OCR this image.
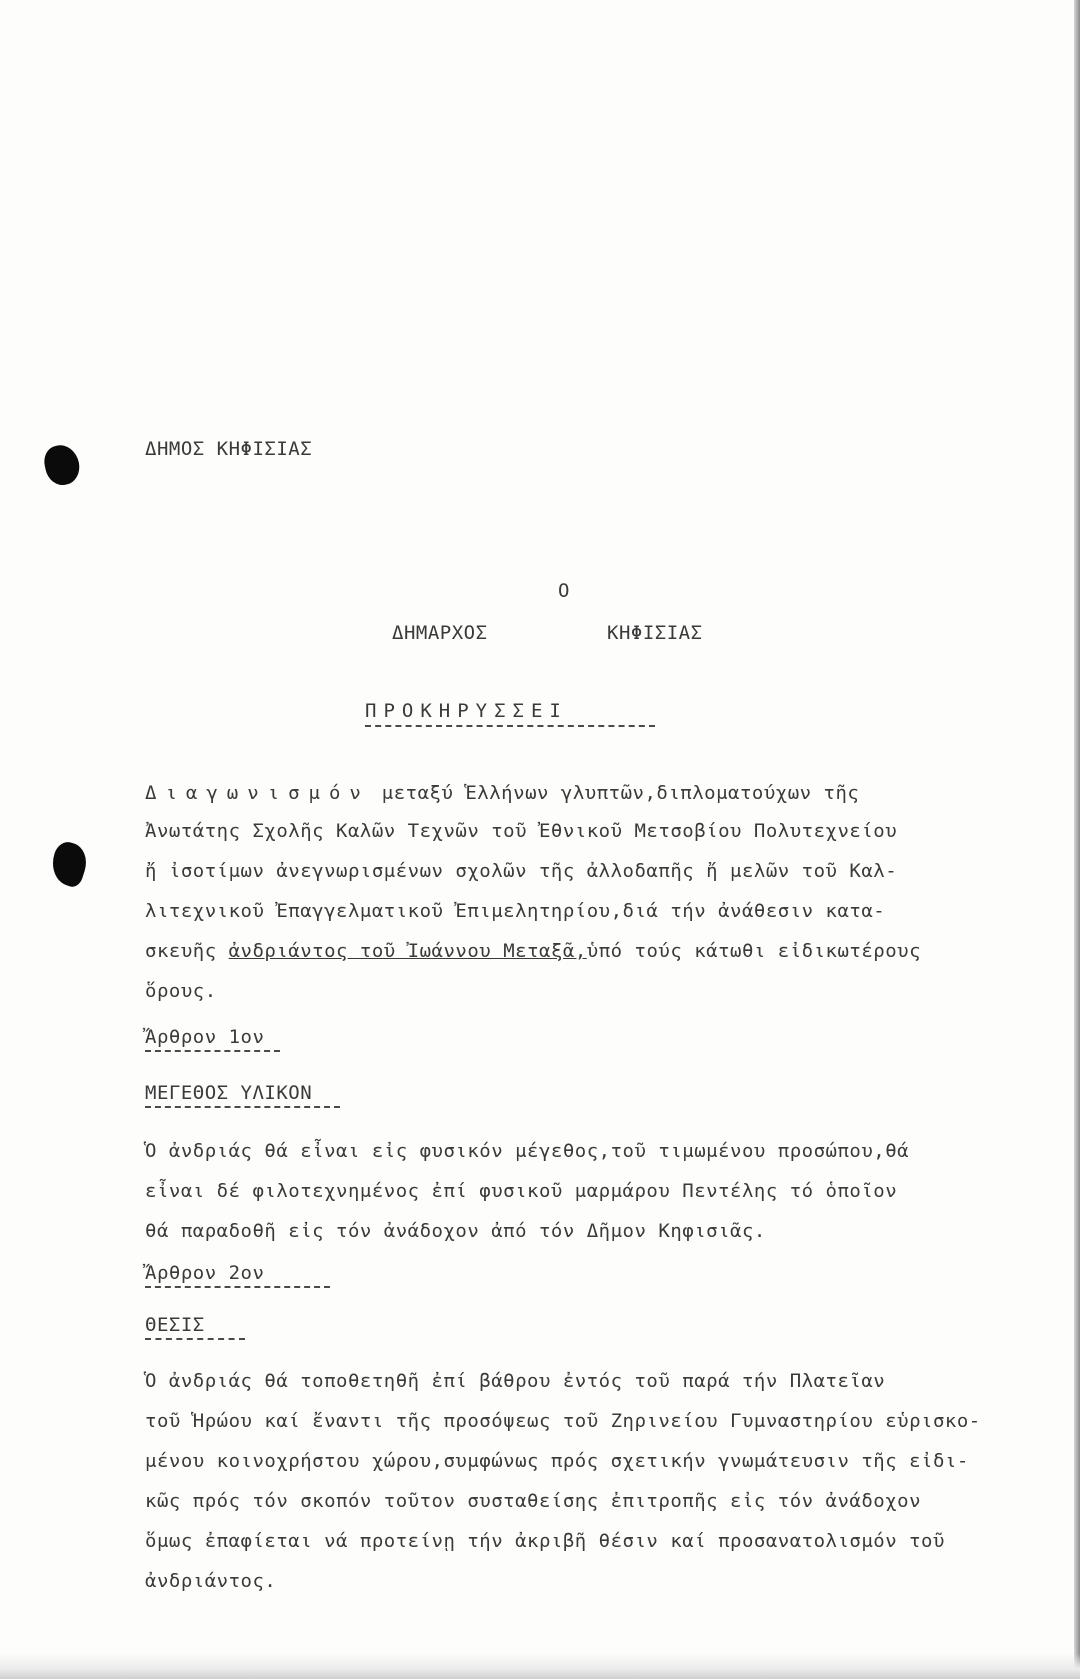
ΔΗΜΟΣ ΚΗΦΙΣΙΑΣ
Ο
ΔΗΜΑΡΧΟΣ	ΚΗΦΙΣΙΑΣ
ΠΡΟΚΗΡΥΣΣΕΙ
Διαγωνισμόν μεταξύ Ἑλλήνων γλυπτῶν,διπλοματούχων τῆς
Ἀνωτάτης Σχολῆς Καλῶν Τεχνῶν τοῦ Ἐθνικοῦ Μετσοβίου Πολυτεχνείου
ἤ ἰσοτίμων ἀνεγνωρισμένων σχολῶν τῆς ἀλλοδαπῆς ἤ μελῶν τοῦ Καλ-
λιτεχνικοῦ Ἐπαγγελματικοῦ Ἐπιμελητηρίου,διά τήν ἀνάθεσιν κατα-
σκευῆς ἀνδριάντος τοῦ Ἰωάννου Μεταξᾶ,ὑπό τούς κάτωθι εἰδικωτέρους
ὅρους.
Ἄρθρον 1ον
ΜΕΓΕΘΟΣ ΥΛΙΚΟΝ
Ὁ ἀνδριάς θά εἶναι εἰς φυσικόν μέγεθος,τοῦ τιμωμένου προσώπου,θά
εἶναι δέ φιλοτεχνημένος ἐπί φυσικοῦ μαρμάρου Πεντέλης τό ὁποῖον
θά παραδοθῆ εἰς τόν ἀνάδοχον ἀπό τόν Δῆμον Κηφισιᾶς.
Ἄρθρον 2ον
ΘΕΣΙΣ
Ὁ ἀνδριάς θά τοποθετηθῆ ἐπί βάθρου ἐντός τοῦ παρά τήν Πλατεῖαν
τοῦ Ἡρώου καί ἔναντι τῆς προσόψεως τοῦ Ζηρινείου Γυμναστηρίου εὑρισκο-
μένου κοινοχρήστου χώρου,συμφώνως πρός σχετικήν γνωμάτευσιν τῆς εἰδι-
κῶς πρός τόν σκοπόν τοῦτον συσταθείσης ἐπιτροπῆς εἰς τόν ἀνάδοχον
ὅμως ἐπαφίεται νά προτείνῃ τήν ἀκριβῆ θέσιν καί προσανατολισμόν τοῦ
ἀνδριάντος.
